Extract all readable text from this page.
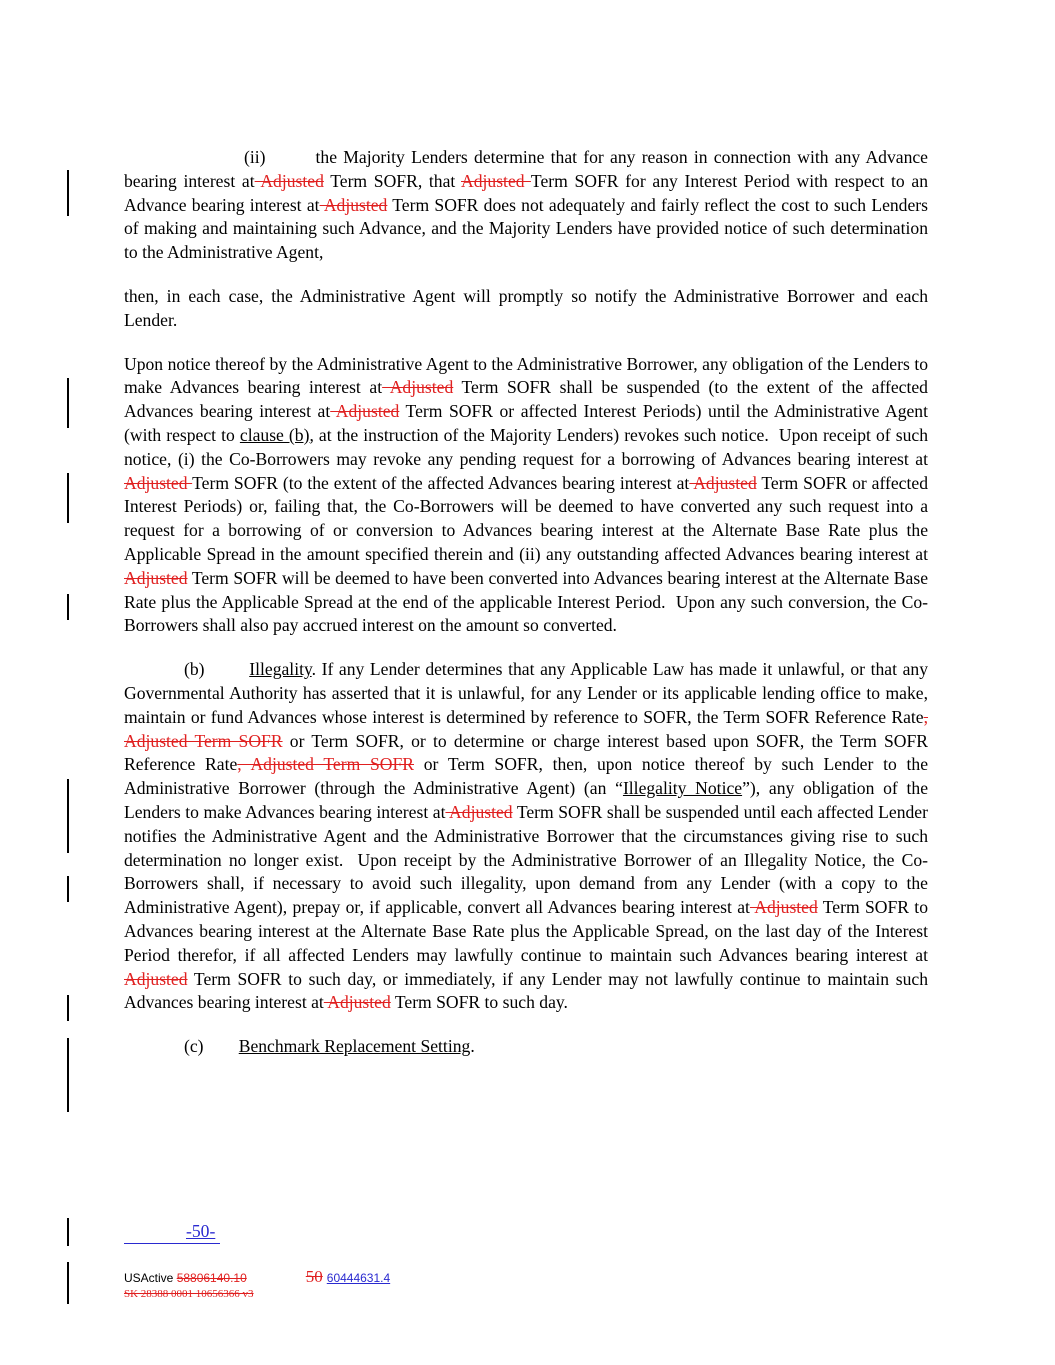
(ii)        the Majority Lenders determine that for any reason in connection with any Advance bearing interest at Adjusted Term SOFR, that Adjusted Term SOFR for any Interest Period with respect to an Advance bearing interest at Adjusted Term SOFR does not adequately and fairly reflect the cost to such Lenders of making and maintaining such Advance, and the Majority Lenders have provided notice of such determination to the Administrative Agent,

then, in each case, the Administrative Agent will promptly so notify the Administrative Borrower and each Lender.

Upon notice thereof by the Administrative Agent to the Administrative Borrower, any obligation of the Lenders to make Advances bearing interest at Adjusted Term SOFR shall be suspended (to the extent of the affected Advances bearing interest at Adjusted Term SOFR or affected Interest Periods) until the Administrative Agent (with respect to clause (b), at the instruction of the Majority Lenders) revokes such notice.  Upon receipt of such notice, (i) the Co-Borrowers may revoke any pending request for a borrowing of Advances bearing interest at Adjusted Term SOFR (to the extent of the affected Advances bearing interest at Adjusted Term SOFR or affected Interest Periods) or, failing that, the Co-Borrowers will be deemed to have converted any such request into a request for a borrowing of or conversion to Advances bearing interest at the Alternate Base Rate plus the Applicable Spread in the amount specified therein and (ii) any outstanding affected Advances bearing interest at Adjusted Term SOFR will be deemed to have been converted into Advances bearing interest at the Alternate Base Rate plus the Applicable Spread at the end of the applicable Interest Period.  Upon any such conversion, the Co-Borrowers shall also pay accrued interest on the amount so converted.

(b)        Illegality. If any Lender determines that any Applicable Law has made it unlawful, or that any Governmental Authority has asserted that it is unlawful, for any Lender or its applicable lending office to make, maintain or fund Advances whose interest is determined by reference to SOFR, the Term SOFR Reference Rate, Adjusted Term SOFR or Term SOFR, or to determine or charge interest based upon SOFR, the Term SOFR Reference Rate, Adjusted Term SOFR or Term SOFR, then, upon notice thereof by such Lender to the Administrative Borrower (through the Administrative Agent) (an “Illegality Notice”), any obligation of the Lenders to make Advances bearing interest at Adjusted Term SOFR shall be suspended until each affected Lender notifies the Administrative Agent and the Administrative Borrower that the circumstances giving rise to such determination no longer exist.  Upon receipt by the Administrative Borrower of an Illegality Notice, the Co-Borrowers shall, if necessary to avoid such illegality, upon demand from any Lender (with a copy to the Administrative Agent), prepay or, if applicable, convert all Advances bearing interest at Adjusted Term SOFR to Advances bearing interest at the Alternate Base Rate plus the Applicable Spread, on the last day of the Interest Period therefor, if all affected Lenders may lawfully continue to maintain such Advances bearing interest at Adjusted Term SOFR to such day, or immediately, if any Lender may not lawfully continue to maintain such Advances bearing interest at Adjusted Term SOFR to such day.

(c)        Benchmark Replacement Setting.

-50-
USActive 58806140.10	50 60444631.4
SK 28388 0001 10656366 v3
